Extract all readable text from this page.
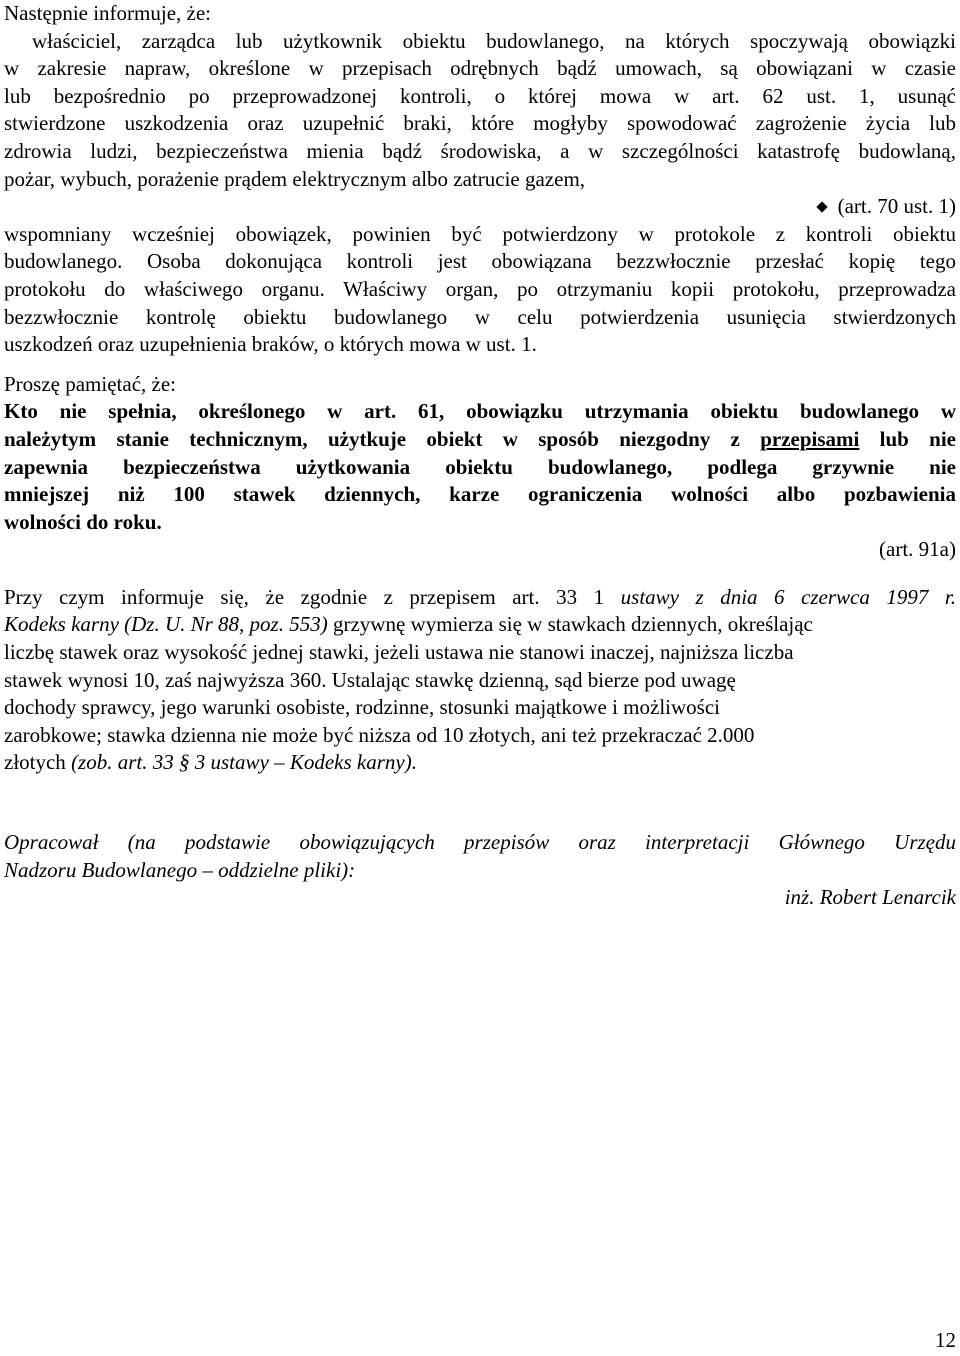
Następnie informuje, że:
właściciel, zarządca lub użytkownik obiektu budowlanego, na których spoczywają obowiązki
w zakresie napraw, określone w przepisach odrębnych bądź umowach, są obowiązani w czasie
lub bezpośrednio po przeprowadzonej kontroli, o której mowa w art. 62 ust. 1, usunąć
stwierdzone uszkodzenia oraz uzupełnić braki, które mogłyby spowodować zagrożenie życia lub
zdrowia ludzi, bezpieczeństwa mienia bądź środowiska, a w szczególności katastrofę budowlaną,
pożar, wybuch, porażenie prądem elektrycznym albo zatrucie gazem,
(art. 70 ust. 1)
wspomniany wcześniej obowiązek, powinien być potwierdzony w protokole z kontroli obiektu
budowlanego. Osoba dokonująca kontroli jest obowiązana bezzwłocznie przesłać kopię tego
protokołu do właściwego organu. Właściwy organ, po otrzymaniu kopii protokołu, przeprowadza
bezzwłocznie kontrolę obiektu budowlanego w celu potwierdzenia usunięcia stwierdzonych
uszkodzeń oraz uzupełnienia braków, o których mowa w ust. 1.
Proszę pamiętać, że:
Kto nie spełnia, określonego w art. 61, obowiązku utrzymania obiektu budowlanego w
należytym stanie technicznym, użytkuje obiekt w sposób niezgodny z przepisami lub nie
zapewnia bezpieczeństwa użytkowania obiektu budowlanego, podlega grzywnie nie
mniejszej niż 100 stawek dziennych, karze ograniczenia wolności albo pozbawienia
wolności do roku.
(art. 91a)
Przy czym informuje się, że zgodnie z przepisem art. 33 1 ustawy z dnia 6 czerwca 1997 r.
Kodeks karny (Dz. U. Nr 88, poz. 553) grzywnę wymierza się w stawkach dziennych, określając
liczbę stawek oraz wysokość jednej stawki, jeżeli ustawa nie stanowi inaczej, najniższa liczba
stawek wynosi 10, zaś najwyższa 360. Ustalając stawkę dzienną, sąd bierze pod uwagę
dochody sprawcy, jego warunki osobiste, rodzinne, stosunki majątkowe i możliwości
zarobkowe; stawka dzienna nie może być niższa od 10 złotych, ani też przekraczać 2.000
złotych (zob. art. 33 § 3 ustawy – Kodeks karny).
Opracował (na podstawie obowiązujących przepisów oraz interpretacji Głównego Urzędu
Nadzoru Budowlanego – oddzielne pliki):
inż. Robert Lenarcik
12
